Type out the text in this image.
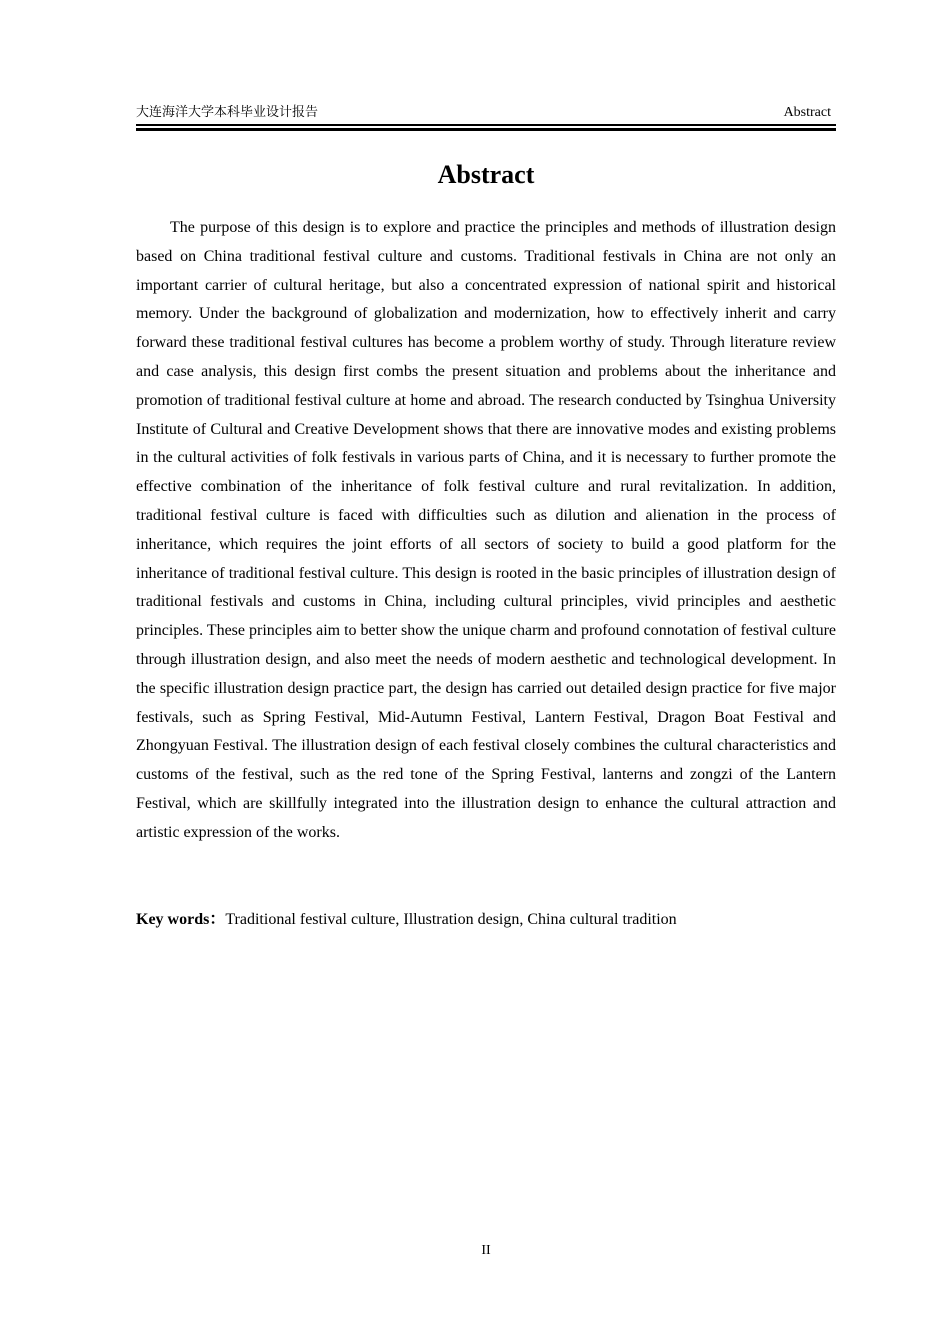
大连海洋大学本科毕业设计报告	Abstract
Abstract

The purpose of this design is to explore and practice the principles and methods of illustration design based on China traditional festival culture and customs. Traditional festivals in China are not only an important carrier of cultural heritage, but also a concentrated expression of national spirit and historical memory. Under the background of globalization and modernization, how to effectively inherit and carry forward these traditional festival cultures has become a problem worthy of study. Through literature review and case analysis, this design first combs the present situation and problems about the inheritance and promotion of traditional festival culture at home and abroad. The research conducted by Tsinghua University Institute of Cultural and Creative Development shows that there are innovative modes and existing problems in the cultural activities of folk festivals in various parts of China, and it is necessary to further promote the effective combination of the inheritance of folk festival culture and rural revitalization. In addition, traditional festival culture is faced with difficulties such as dilution and alienation in the process of inheritance, which requires the joint efforts of all sectors of society to build a good platform for the inheritance of traditional festival culture. This design is rooted in the basic principles of illustration design of traditional festivals and customs in China, including cultural principles, vivid principles and aesthetic principles. These principles aim to better show the unique charm and profound connotation of festival culture through illustration design, and also meet the needs of modern aesthetic and technological development. In the specific illustration design practice part, the design has carried out detailed design practice for five major festivals, such as Spring Festival, Mid-Autumn Festival, Lantern Festival, Dragon Boat Festival and Zhongyuan Festival. The illustration design of each festival closely combines the cultural characteristics and customs of the festival, such as the red tone of the Spring Festival, lanterns and zongzi of the Lantern Festival, which are skillfully integrated into the illustration design to enhance the cultural attraction and artistic expression of the works.

Key words：Traditional festival culture, Illustration design, China cultural tradition
II
